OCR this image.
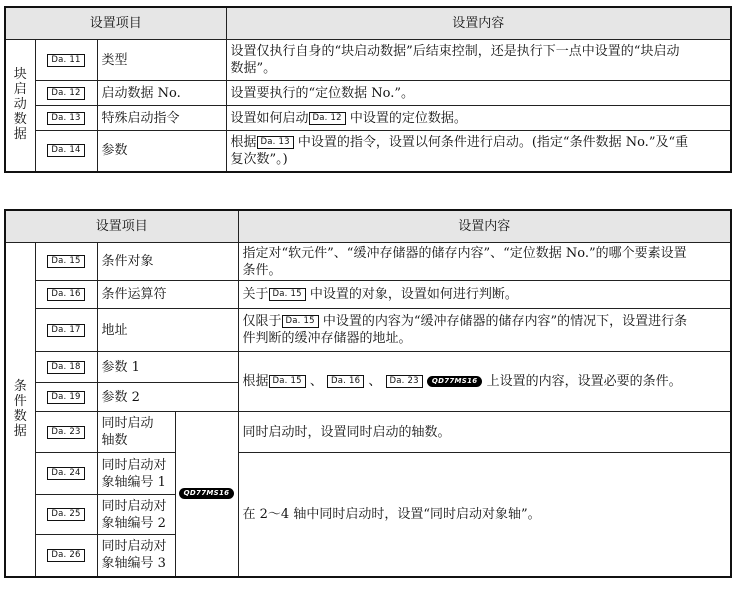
设置项目			设置内容
块
启
动
数
据	Da. 11	类型	设置仅执行自身的“块启动数据”后结束控制，还是执行下一点中设置的“块启动
数据”。
	Da. 12	启动数据 No.	设置要执行的“定位数据 No.”。
	Da. 13	特殊启动指令	设置如何启动 Da. 12 中设置的定位数据。
	Da. 14	参数	根据 Da. 13 中设置的指令，设置以何条件进行启动。(指定“条件数据 No.”及“重
复次数”。)
设置项目				设置内容
条
件
数
据	Da. 15	条件对象		指定对“软元件”、“缓冲存储器的储存内容”、“定位数据 No.”的哪个要素设置
条件。
	Da. 16	条件运算符		关于 Da. 15 中设置的对象，设置如何进行判断。
	Da. 17	地址		仅限于 Da. 15 中设置的内容为“缓冲存储器的储存内容”的情况下，设置进行条
件判断的缓冲存储器的地址。
	Da. 18	参数 1		根据 Da. 15 、 Da. 16 、 Da. 23 QD77MS16 上设置的内容，设置必要的条件。
	Da. 19	参数 2		
	Da. 23	同时启动
轴数	QD77MS16	同时启动时，设置同时启动的轴数。
	Da. 24	同时启动对
象轴编号 1		在 2～4 轴中同时启动时，设置“同时启动对象轴”。
	Da. 25	同时启动对
象轴编号 2		
	Da. 26	同时启动对
象轴编号 3		
